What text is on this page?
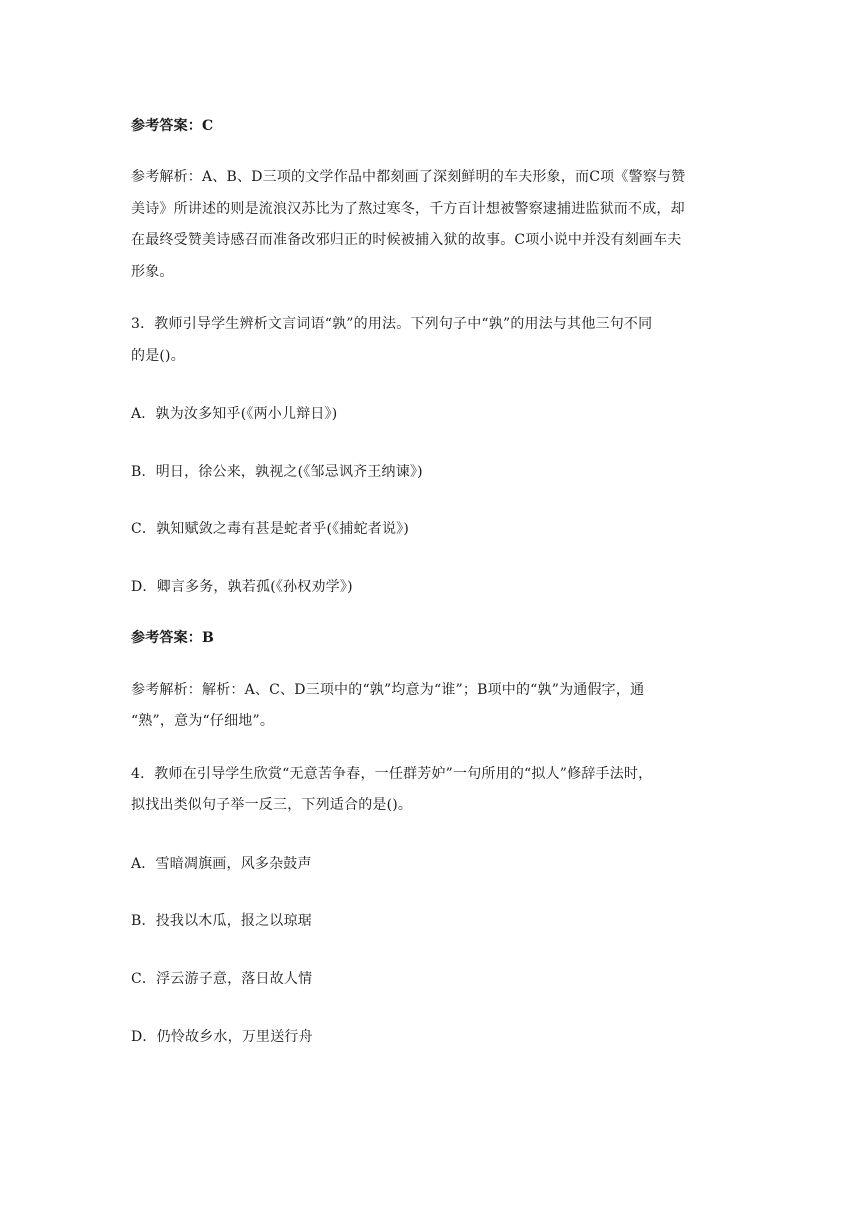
参考答案：C
参考解析：A、B、D三项的文学作品中都刻画了深刻鲜明的车夫形象，而C项《警察与赞
美诗》所讲述的则是流浪汉苏比为了熬过寒冬，千方百计想被警察逮捕进监狱而不成，却
在最终受赞美诗感召而准备改邪归正的时候被捕入狱的故事。C项小说中并没有刻画车夫
形象。
3．教师引导学生辨析文言词语“孰”的用法。下列句子中“孰”的用法与其他三句不同
的是()。
A．孰为汝多知乎(《两小儿辩日》)
B．明日，徐公来，孰视之(《邹忌讽齐王纳谏》)
C．孰知赋敛之毒有甚是蛇者乎(《捕蛇者说》)
D．卿言多务，孰若孤(《孙权劝学》)
参考答案：B
参考解析：解析：A、C、D三项中的“孰”均意为“谁”；B项中的“孰”为通假字，通
“熟”，意为“仔细地”。
4．教师在引导学生欣赏“无意苦争春，一任群芳妒”一句所用的“拟人”修辞手法时，
拟找出类似句子举一反三，下列适合的是()。
A．雪暗凋旗画，风多杂鼓声
B．投我以木瓜，报之以琼琚
C．浮云游子意，落日故人情
D．仍怜故乡水，万里送行舟
